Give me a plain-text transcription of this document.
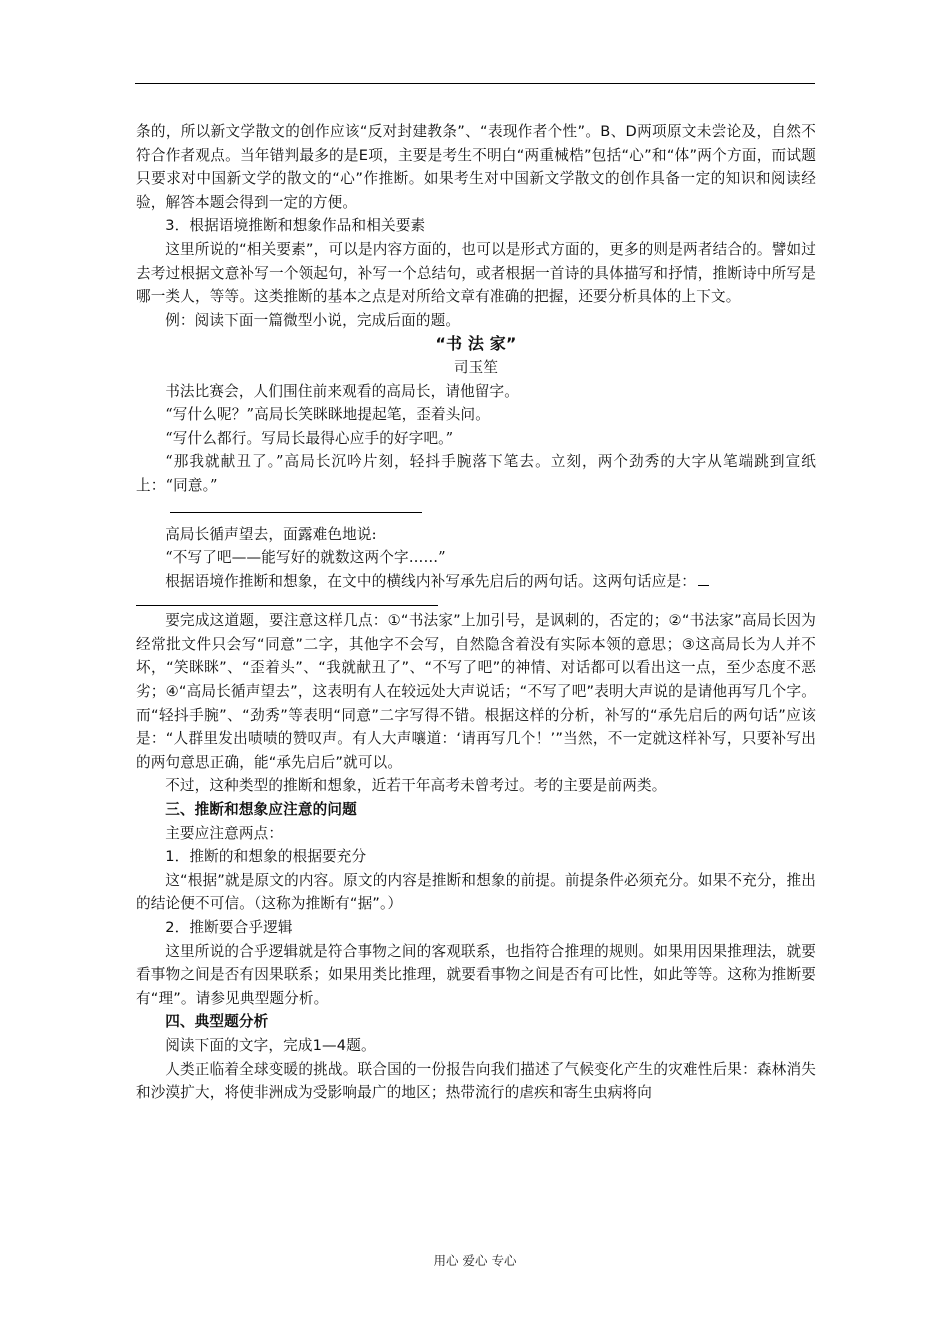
条的，所以新文学散文的创作应该“反对封建教条”、“表现作者个性”。B、D两项原文未尝论及，自然不符合作者观点。当年错判最多的是E项，主要是考生不明白“两重械梏”包括“心”和“体”两个方面，而试题只要求对中国新文学的散文的“心”作推断。如果考生对中国新文学散文的创作具备一定的知识和阅读经验，解答本题会得到一定的方便。

3．根据语境推断和想象作品和相关要素

这里所说的“相关要素”，可以是内容方面的，也可以是形式方面的，更多的则是两者结合的。譬如过去考过根据文意补写一个领起句，补写一个总结句，或者根据一首诗的具体描写和抒情，推断诗中所写是哪一类人，等等。这类推断的基本之点是对所给文章有准确的把握，还要分析具体的上下文。

例：阅读下面一篇微型小说，完成后面的题。

“书 法 家”

司玉笙

书法比赛会，人们围住前来观看的高局长，请他留字。

“写什么呢？”高局长笑眯眯地提起笔，歪着头问。

“写什么都行。写局长最得心应手的好字吧。”

“那我就献丑了。”高局长沉吟片刻，轻抖手腕落下笔去。立刻，两个劲秀的大字从笔端跳到宣纸上：“同意。”

高局长循声望去，面露难色地说:

“不写了吧——能写好的就数这两个字……”

根据语境作推断和想象，在文中的横线内补写承先启后的两句话。这两句话应是：

要完成这道题，要注意这样几点：①“书法家”上加引号，是讽刺的，否定的；②“书法家”高局长因为经常批文件只会写“同意”二字，其他字不会写，自然隐含着没有实际本领的意思；③这高局长为人并不坏，“笑眯眯”、“歪着头”、“我就献丑了”、“不写了吧”的神情、对话都可以看出这一点，至少态度不恶劣；④“高局长循声望去”，这表明有人在较远处大声说话；“不写了吧”表明大声说的是请他再写几个字。而“轻抖手腕”、“劲秀”等表明“同意”二字写得不错。根据这样的分析，补写的“承先启后的两句话”应该是：“人群里发出啧啧的赞叹声。有人大声嚷道：‘请再写几个！’”当然，不一定就这样补写，只要补写出的两句意思正确，能“承先启后”就可以。

不过，这种类型的推断和想象，近若干年高考未曾考过。考的主要是前两类。

三、推断和想象应注意的问题

主要应注意两点：

1．推断的和想象的根据要充分

这“根据”就是原文的内容。原文的内容是推断和想象的前提。前提条件必须充分。如果不充分，推出的结论便不可信。（这称为推断有“据”。）

2．推断要合乎逻辑

这里所说的合乎逻辑就是符合事物之间的客观联系，也指符合推理的规则。如果用因果推理法，就要看事物之间是否有因果联系；如果用类比推理，就要看事物之间是否有可比性，如此等等。这称为推断要有“理”。请参见典型题分析。

四、典型题分析

阅读下面的文字，完成1—4题。

人类正临着全球变暖的挑战。联合国的一份报告向我们描述了气候变化产生的灾难性后果：森林消失和沙漠扩大，将使非洲成为受影响最广的地区；热带流行的虐疾和寄生虫病将向

用心 爱心 专心
